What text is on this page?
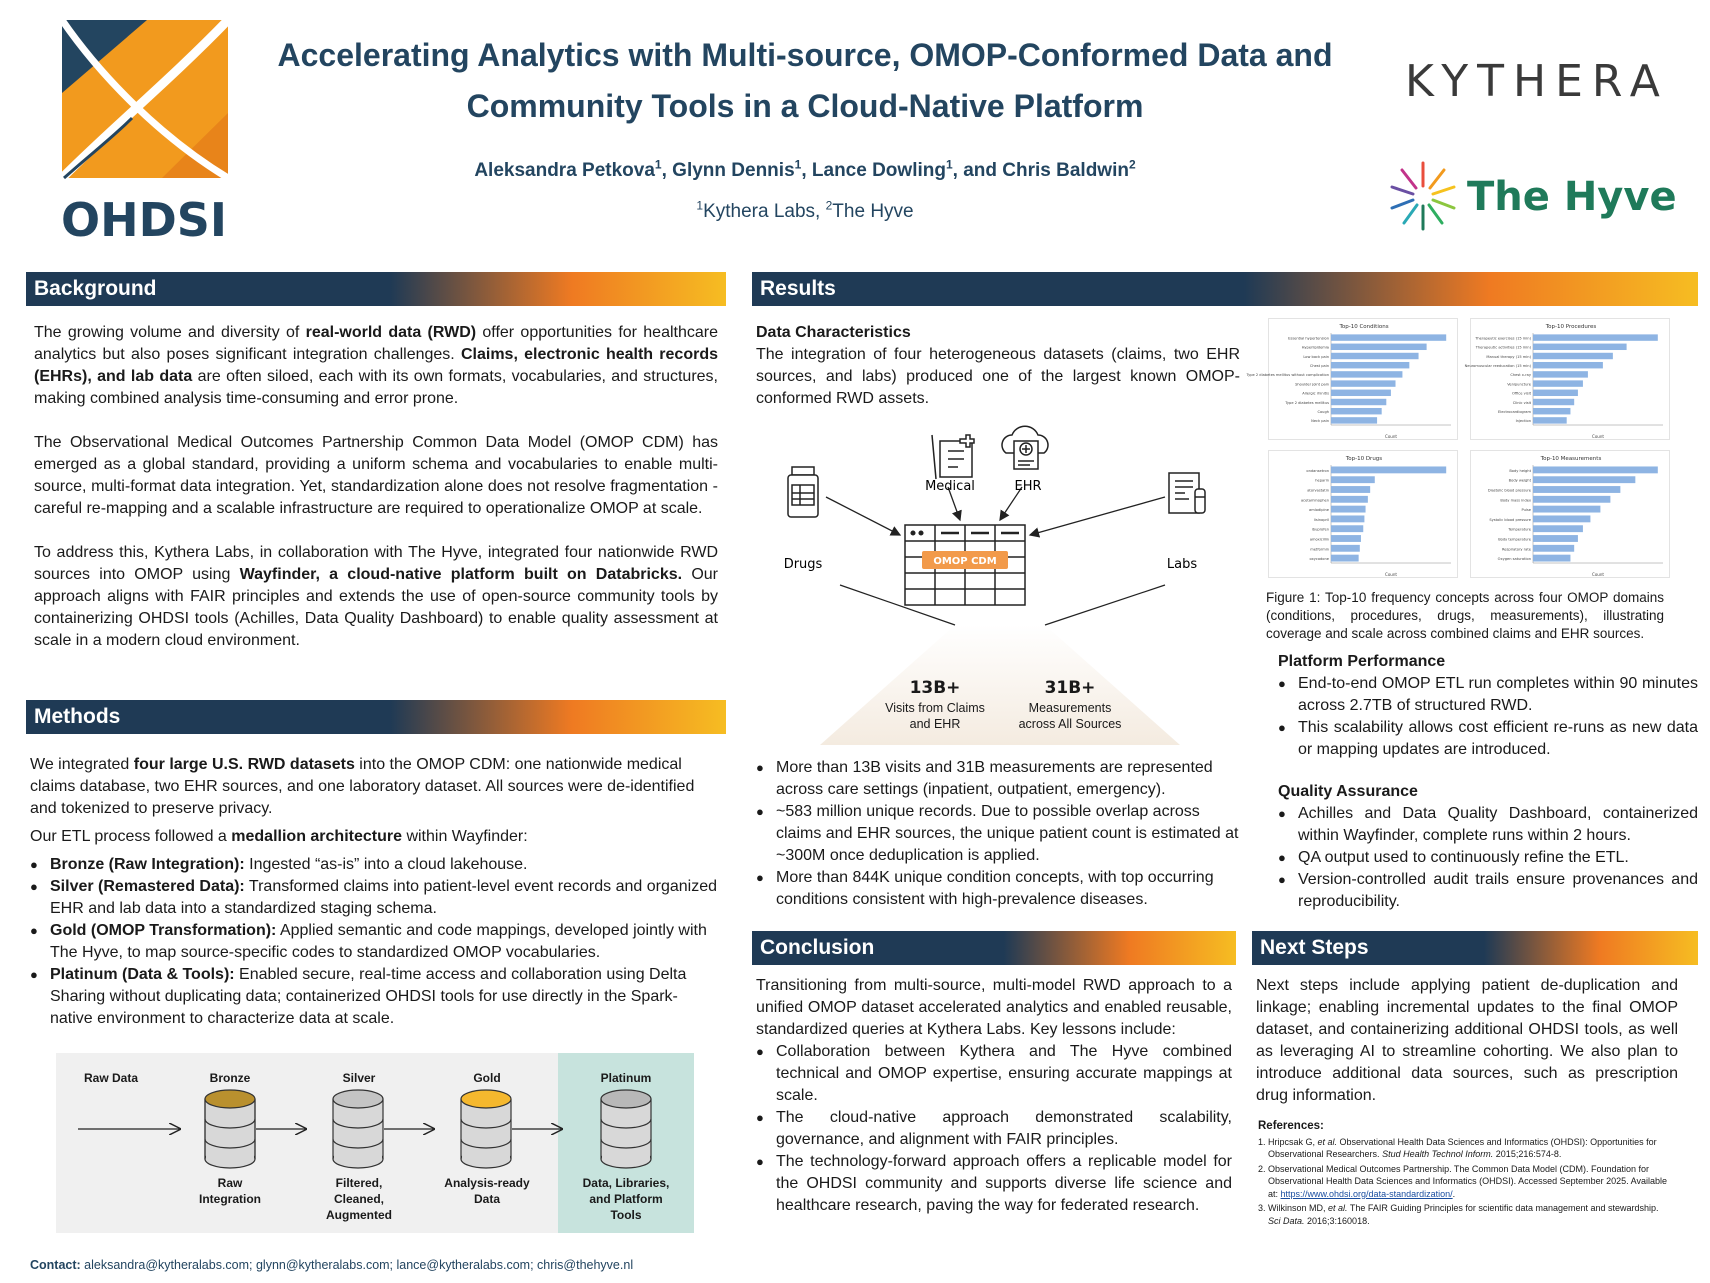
OHDSI
Accelerating Analytics with Multi-source, OMOP-Conformed Data and
Community Tools in a Cloud-Native Platform
Aleksandra Petkova$^1$, Glynn Dennis$^1$, Lance Dowling$^1$, and Chris Baldwin$^2$
$^1$Kythera Labs, $^2$The Hyve
KYTHERA
The Hyve
Background

The growing volume and diversity of real-world data (RWD) offer opportunities for healthcare analytics but also poses significant integration challenges. Claims, electronic health records (EHRs), and lab data are often siloed, each with its own formats, vocabularies, and structures, making combined analysis time-consuming and error prone.

The Observational Medical Outcomes Partnership Common Data Model (OMOP CDM) has emerged as a global standard, providing a uniform schema and vocabularies to enable multi-source, multi-format data integration. Yet, standardization alone does not resolve fragmentation - careful re-mapping and a scalable infrastructure are required to operationalize OMOP at scale.

To address this, Kythera Labs, in collaboration with The Hyve, integrated four nationwide RWD sources into OMOP using Wayfinder, a cloud-native platform built on Databricks. Our approach aligns with FAIR principles and extends the use of open-source community tools by containerizing OHDSI tools (Achilles, Data Quality Dashboard) to enable quality assessment at scale in a modern cloud environment.

Methods

We integrated four large U.S. RWD datasets into the OMOP CDM: one nationwide medical claims database, two EHR sources, and one laboratory dataset. All sources were de-identified and tokenized to preserve privacy.

Our ETL process followed a medallion architecture within Wayfinder:

● Bronze (Raw Integration): Ingested “as-is” into a cloud lakehouse.
● Silver (Remastered Data): Transformed claims into patient-level event records and organized EHR and lab data into a standardized staging schema.
● Gold (OMOP Transformation): Applied semantic and code mappings, developed jointly with The Hyve, to map source-specific codes to standardized OMOP vocabularies.
● Platinum (Data & Tools): Enabled secure, real-time access and collaboration using Delta Sharing without duplicating data; containerized OHDSI tools for use directly in the Spark-native environment to characterize data at scale.
Raw Data	Bronze	Silver	Gold	Platinum
Raw
Integration
Filtered,
Cleaned,
Augmented
Analysis-ready
Data
Data, Libraries,
and Platform
Tools
Results
Data Characteristics
The integration of four heterogeneous datasets (claims, two EHR sources, and labs) produced one of the largest known OMOP-conformed RWD assets.
OMOP CDM
Medical	EHR
Drugs	Labs
13B+	31B+
Visits from Claims
and EHR
Measurements
across All Sources
● More than 13B visits and 31B measurements are represented across care settings (inpatient, outpatient, emergency).
● ~583 million unique records. Due to possible overlap across claims and EHR sources, the unique patient count is estimated at ~300M once deduplication is applied.
● More than 844K unique condition concepts, with top occurring conditions consistent with high-prevalence diseases.
Top-10 Conditions
Essential hypertension
Hyperlipidemia
Low back pain
Chest pain
Type 2 diabetes mellitus without complication
Shoulder joint pain
Allergic rhinitis
Type 2 diabetes mellitus
Cough
Neck pain
Count
Top-10 Procedures
Therapeutic exercises (15 min)
Therapeutic activities (15 min)
Manual therapy (15 min)
Neuromuscular reeducation (15 min)
Chest x-ray
Venipuncture
Office visit
Clinic visit
Electrocardiogram
Injection
Count
Top-10 Drugs
ondansetron
heparin
atorvastatin
acetaminophen
amlodipine
lisinopril
ibuprofen
amoxicillin
metformin
oxycodone
Count
Top-10 Measurements
Body height
Body weight
Diastolic blood pressure
Body mass index
Pulse
Systolic blood pressure
Temperature
Body temperature
Respiratory rate
Oxygen saturation
Count
Figure 1: Top-10 frequency concepts across four OMOP domains (conditions, procedures, drugs, measurements), illustrating coverage and scale across combined claims and EHR sources.
Platform Performance
● End-to-end OMOP ETL run completes within 90 minutes across 2.7TB of structured RWD.
● This scalability allows cost efficient re-runs as new data or mapping updates are introduced.
Quality Assurance
● Achilles and Data Quality Dashboard, containerized within Wayfinder, complete runs within 2 hours.
● QA output used to continuously refine the ETL.
● Version-controlled audit trails ensure provenances and reproducibility.
Conclusion
Transitioning from multi-source, multi-model RWD approach to a unified OMOP dataset accelerated analytics and enabled reusable, standardized queries at Kythera Labs. Key lessons include:
● Collaboration between Kythera and The Hyve combined technical and OMOP expertise, ensuring accurate mappings at scale.
● The cloud-native approach demonstrated scalability, governance, and alignment with FAIR principles.
● The technology-forward approach offers a replicable model for the OHDSI community and supports diverse life science and healthcare research, paving the way for federated research.
Next Steps
Next steps include applying patient de-duplication and linkage; enabling incremental updates to the final OMOP dataset, and containerizing additional OHDSI tools, as well as leveraging AI to streamline cohorting. We also plan to introduce additional data sources, such as prescription drug information.
References:
1. Hripcsak G, et al. Observational Health Data Sciences and Informatics (OHDSI): Opportunities for Observational Researchers. Stud Health Technol Inform. 2015;216:574-8.
2. Observational Medical Outcomes Partnership. The Common Data Model (CDM). Foundation for Observational Health Data Sciences and Informatics (OHDSI). Accessed September 2025. Available at: https://www.ohdsi.org/data-standardization/.
3. Wilkinson MD, et al. The FAIR Guiding Principles for scientific data management and stewardship. Sci Data. 2016;3:160018.
Contact: aleksandra@kytheralabs.com; glynn@kytheralabs.com; lance@kytheralabs.com; chris@thehyve.nl
